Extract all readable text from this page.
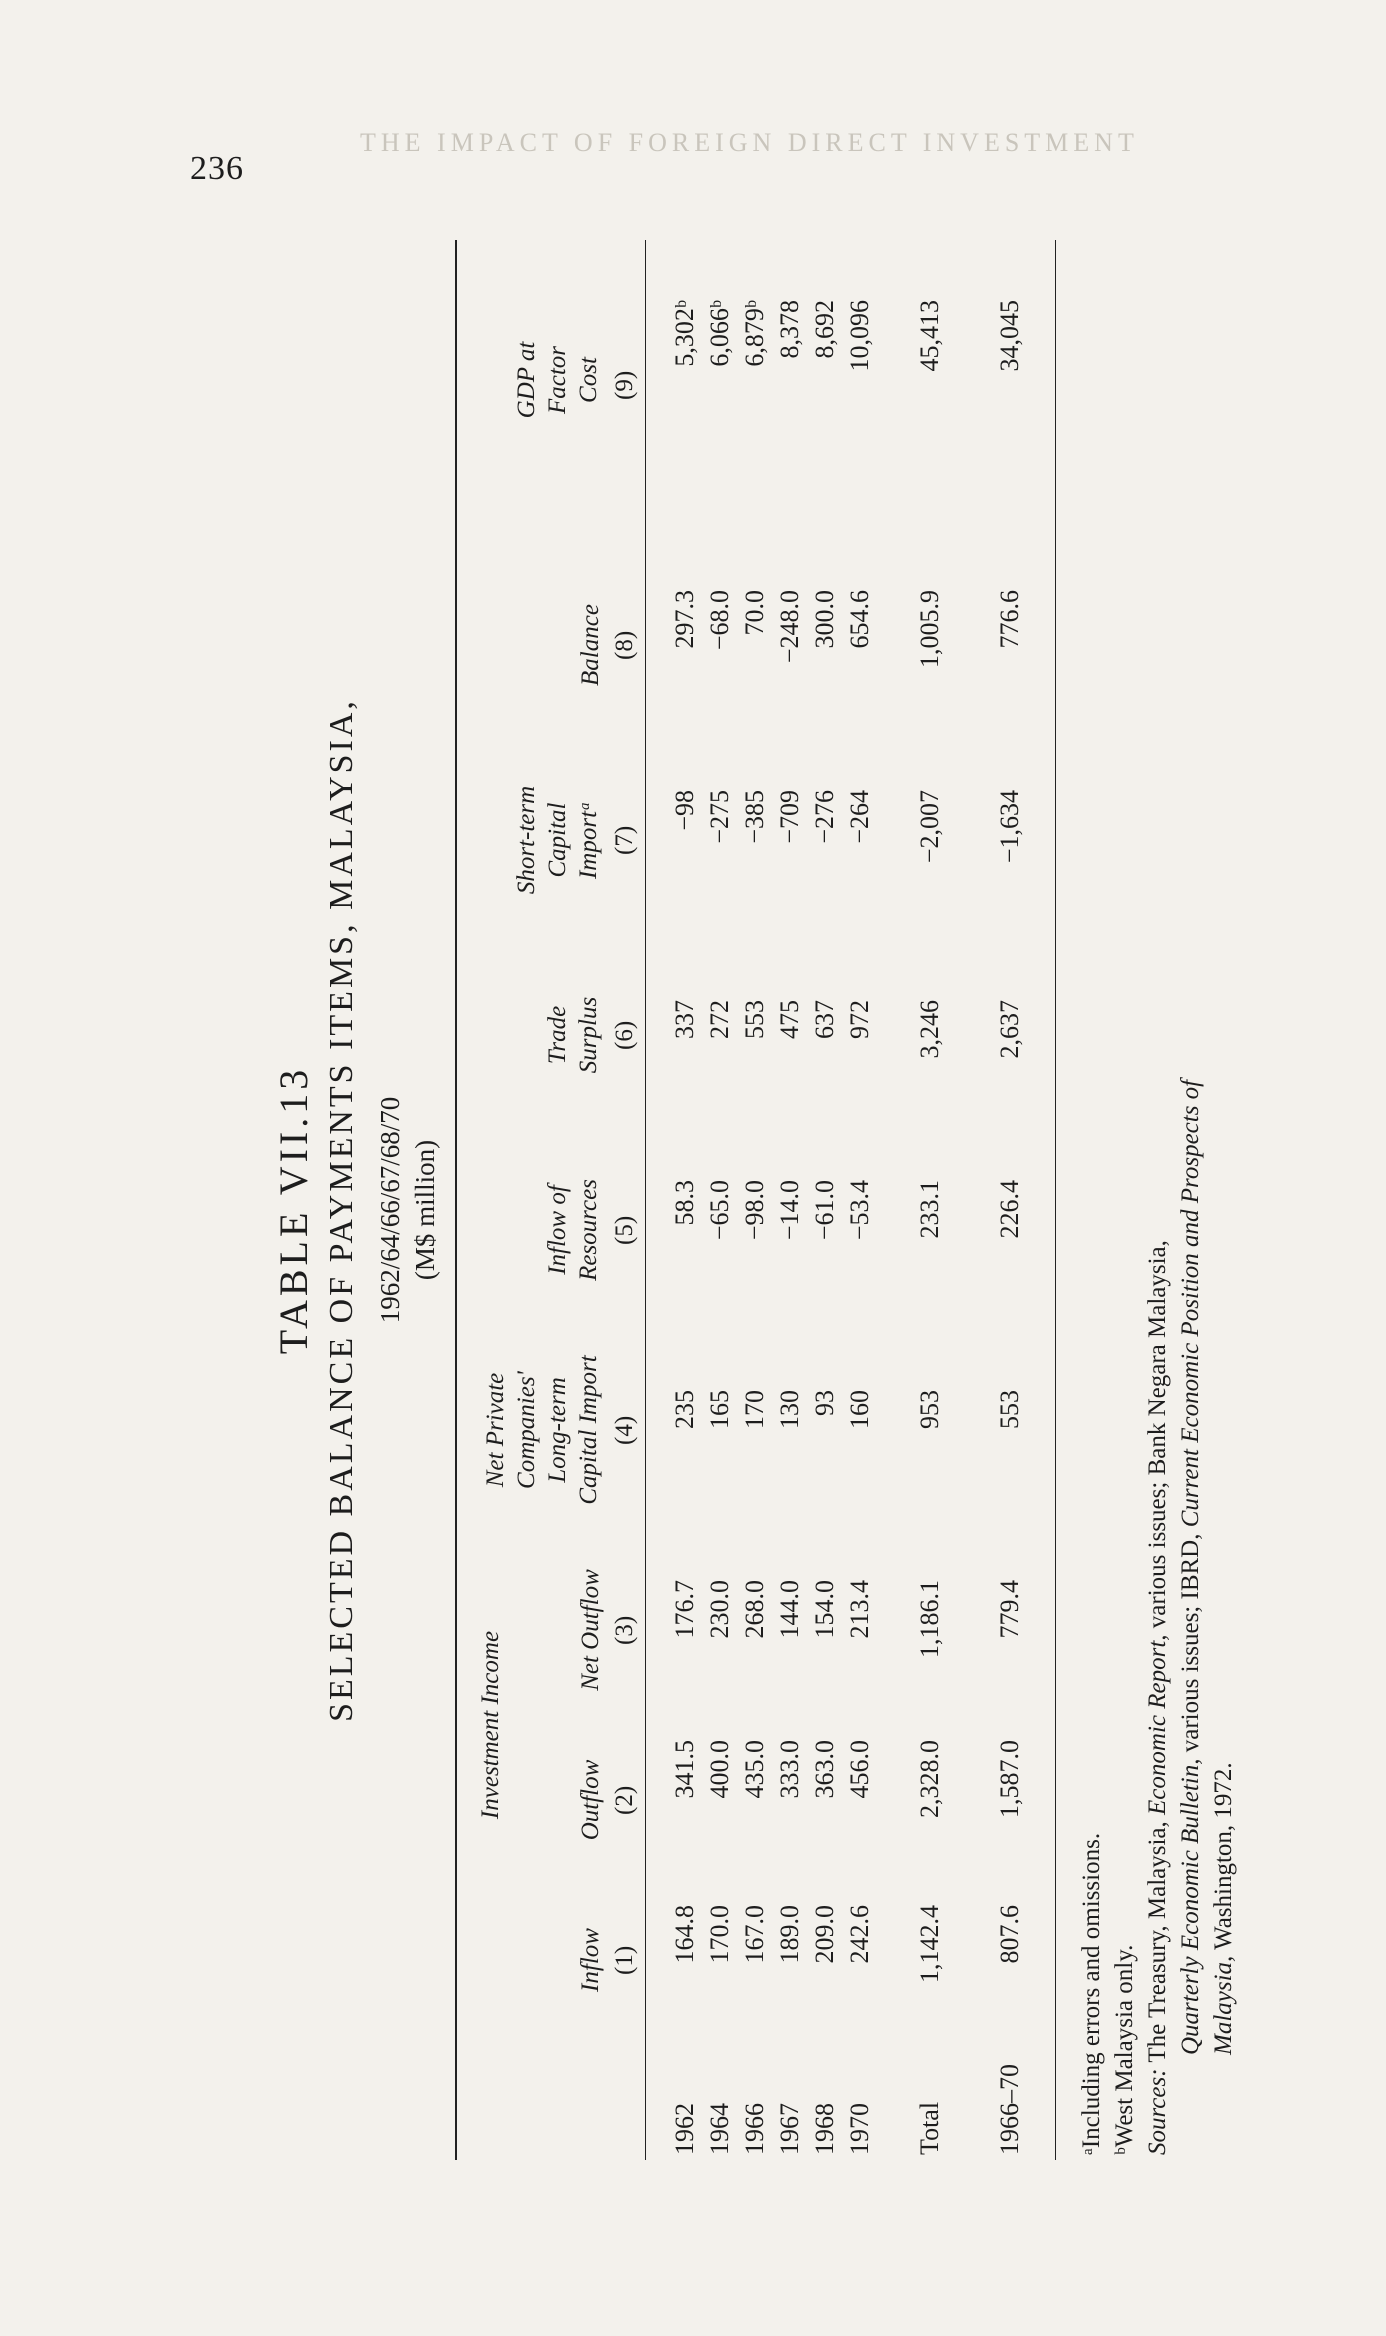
236
THE IMPACT OF FOREIGN DIRECT INVESTMENT
TABLE VII.13 SELECTED BALANCE OF PAYMENTS ITEMS, MALAYSIA, 1962/64/66/67/68/70 (M$ million)
Investment Income
Inflow
Outflow
Net Outflow
Net Private Companies' Long-term Capital Import
Inflow of Resources
Trade Surplus
Short-term Capital Importᵃ
Balance
GDP at Factor Cost
(1)
(2)
(3)
(4)
(5)
(6)
(7)
(8)
(9)
1962
164.8
341.5
176.7
235
58.3
337
−98
297.3
5,302ᵇ
1964
170.0
400.0
230.0
165
−65.0
272
−275
−68.0
6,066ᵇ
1966
167.0
435.0
268.0
170
−98.0
553
−385
70.0
6,879ᵇ
1967
189.0
333.0
144.0
130
−14.0
475
−709
−248.0
8,378
1968
209.0
363.0
154.0
93
−61.0
637
−276
300.0
8,692
1970
242.6
456.0
213.4
160
−53.4
972
−264
654.6
10,096
Total
1,142.4
2,328.0
1,186.1
953
233.1
3,246
−2,007
1,005.9
45,413
1966–70
807.6
1,587.0
779.4
553
226.4
2,637
−1,634
776.6
34,045
ᵃIncluding errors and omissions. ᵇWest Malaysia only. Sources: The Treasury, Malaysia, Economic Report, various issues; Bank Negara Malaysia,
Quarterly Economic Bulletin, various issues; IBRD, Current Economic Position and Prospects of
Malaysia, Washington, 1972.
